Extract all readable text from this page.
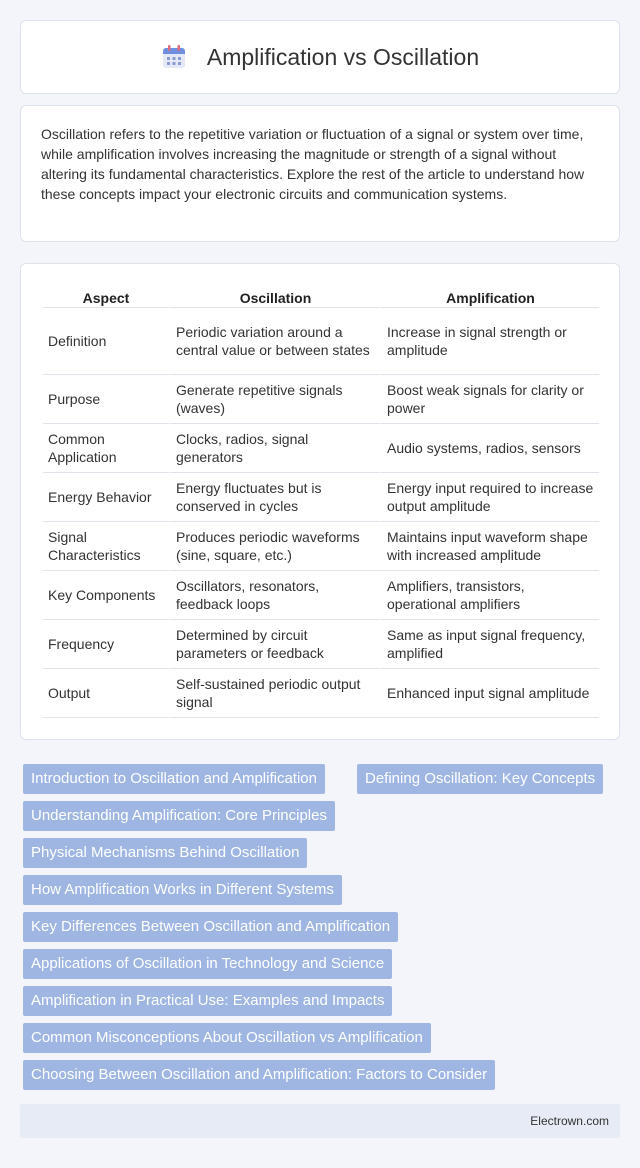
Amplification vs Oscillation

Oscillation refers to the repetitive variation or fluctuation of a signal or system over time, while amplification involves increasing the magnitude or strength of a signal without altering its fundamental characteristics. Explore the rest of the article to understand how these concepts impact your electronic circuits and communication systems.

Aspect	Oscillation	Amplification
Definition	Periodic variation around a central value or between states	Increase in signal strength or amplitude
Purpose	Generate repetitive signals (waves)	Boost weak signals for clarity or power
Common Application	Clocks, radios, signal generators	Audio systems, radios, sensors
Energy Behavior	Energy fluctuates but is conserved in cycles	Energy input required to increase output amplitude
Signal Characteristics	Produces periodic waveforms (sine, square, etc.)	Maintains input waveform shape with increased amplitude
Key Components	Oscillators, resonators, feedback loops	Amplifiers, transistors, operational amplifiers
Frequency	Determined by circuit parameters or feedback	Same as input signal frequency, amplified
Output	Self-sustained periodic output signal	Enhanced input signal amplitude
Introduction to Oscillation and Amplification	Defining Oscillation: Key Concepts
Understanding Amplification: Core Principles
Physical Mechanisms Behind Oscillation
How Amplification Works in Different Systems
Key Differences Between Oscillation and Amplification
Applications of Oscillation in Technology and Science
Amplification in Practical Use: Examples and Impacts
Common Misconceptions About Oscillation vs Amplification
Choosing Between Oscillation and Amplification: Factors to Consider
Electrown.com
